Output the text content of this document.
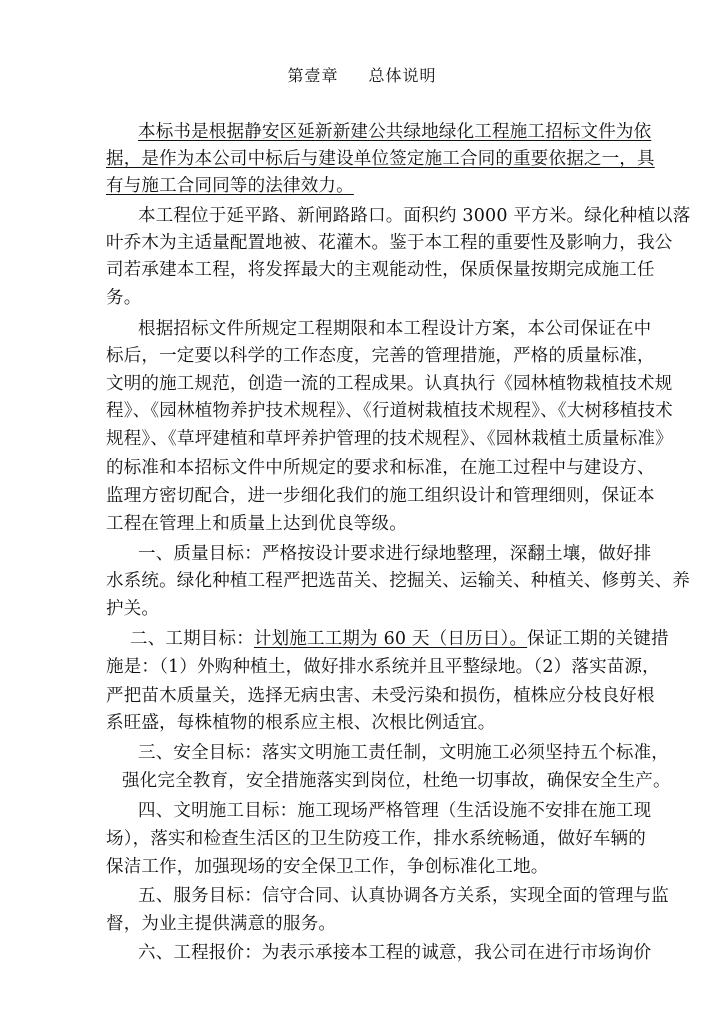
第壹章 总体说明
本标书是根据静安区延新新建公共绿地绿化工程施工招标文件为依
据，是作为本公司中标后与建设单位签定施工合同的重要依据之一，具
有与施工合同同等的法律效力。
本工程位于延平路、新闸路路口。面积约 3000 平方米。绿化种植以落
叶乔木为主适量配置地被、花灌木。鉴于本工程的重要性及影响力，我公
司若承建本工程，将发挥最大的主观能动性，保质保量按期完成施工任
务。
根据招标文件所规定工程期限和本工程设计方案，本公司保证在中
标后，一定要以科学的工作态度，完善的管理措施，严格的质量标准，
文明的施工规范，创造一流的工程成果。认真执行《园林植物栽植技术规
程》、《园林植物养护技术规程》、《行道树栽植技术规程》、《大树移植技术
规程》、《草坪建植和草坪养护管理的技术规程》、《园林栽植土质量标准》
的标准和本招标文件中所规定的要求和标准，在施工过程中与建设方、
监理方密切配合，进一步细化我们的施工组织设计和管理细则，保证本
工程在管理上和质量上达到优良等级。
一、质量目标：严格按设计要求进行绿地整理，深翻土壤，做好排
水系统。绿化种植工程严把选苗关、挖掘关、运输关、种植关、修剪关、养
护关。
二、工期目标：计划施工工期为 60 天（日历日）。保证工期的关键措
施是：（1）外购种植土，做好排水系统并且平整绿地。（2）落实苗源，
严把苗木质量关，选择无病虫害、未受污染和损伤，植株应分枝良好根
系旺盛，每株植物的根系应主根、次根比例适宜。
三、安全目标：落实文明施工责任制，文明施工必须坚持五个标准，
强化完全教育，安全措施落实到岗位，杜绝一切事故，确保安全生产。
四、文明施工目标：施工现场严格管理（生活设施不安排在施工现
场），落实和检查生活区的卫生防疫工作，排水系统畅通，做好车辆的
保洁工作，加强现场的安全保卫工作，争创标准化工地。
五、服务目标：信守合同、认真协调各方关系，实现全面的管理与监
督，为业主提供满意的服务。
六、工程报价：为表示承接本工程的诚意，我公司在进行市场询价
